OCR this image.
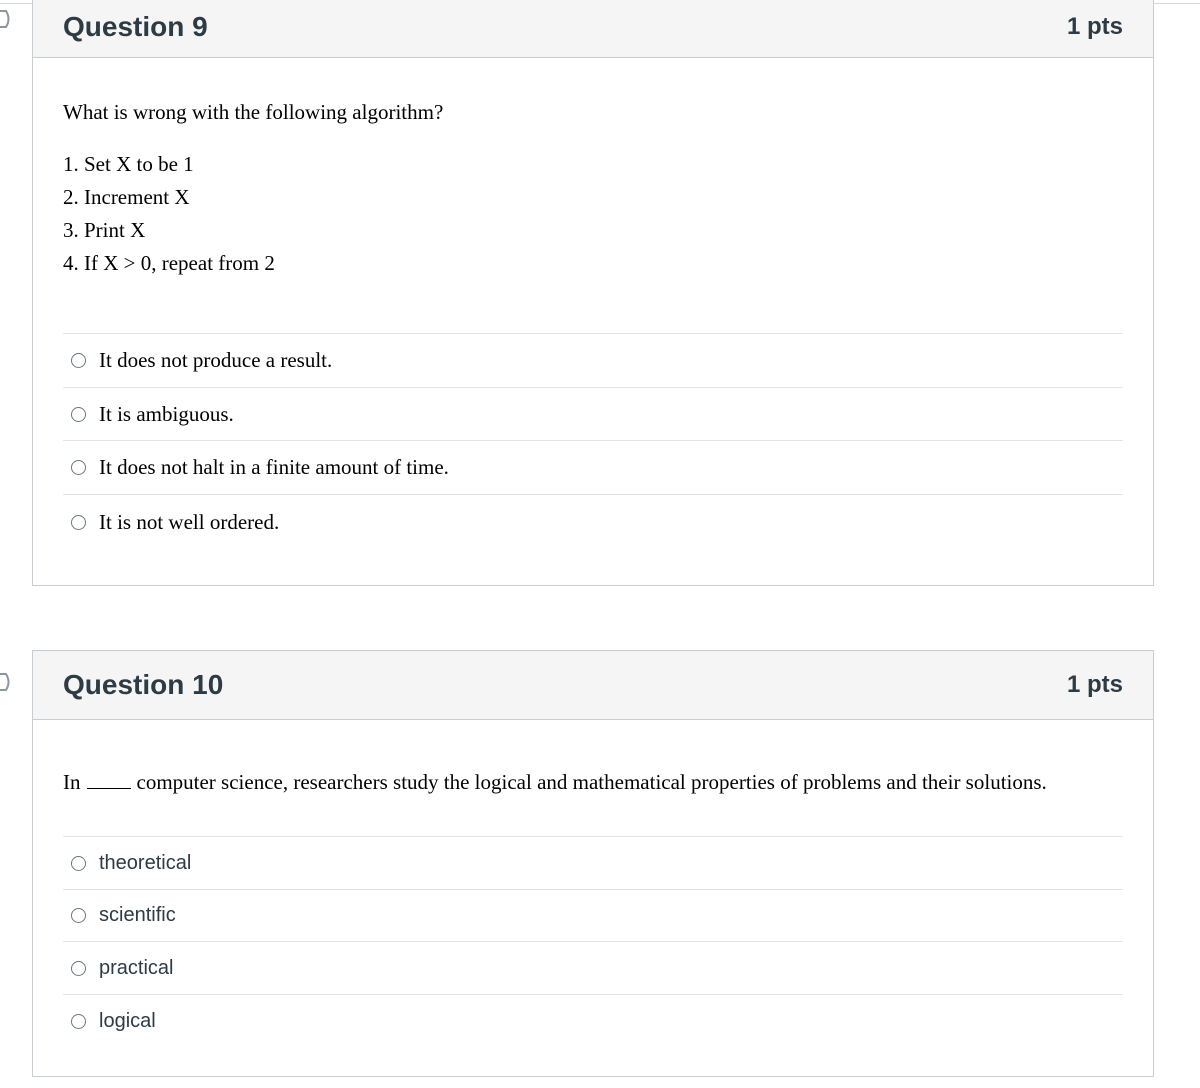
Question 9	1 pts

What is wrong with the following algorithm?

1. Set X to be 1
2. Increment X
3. Print X
4. If X > 0, repeat from 2
It does not produce a result.
It is ambiguous.
It does not halt in a finite amount of time.
It is not well ordered.
Question 10	1 pts

In	computer science, researchers study the logical and mathematical properties of problems and their solutions.

theoretical
scientific
practical
logical
